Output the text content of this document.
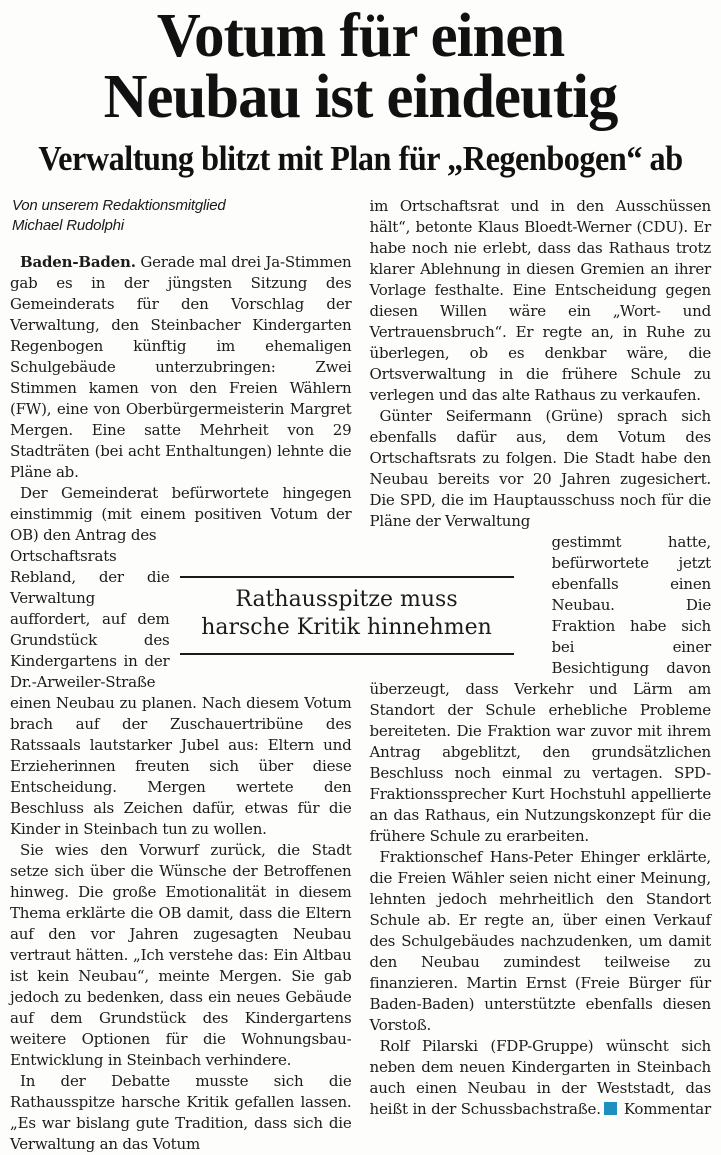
Votum für einen
Neubau ist eindeutig
Verwaltung blitzt mit Plan für „Regenbogen“ ab

Von unserem Redaktionsmitglied
Michael Rudolphi

Baden-Baden. Gerade mal drei Ja-Stimmen gab es in der jüngsten Sitzung des Gemeinderats für den Vorschlag der Verwaltung, den Steinbacher Kindergarten Regenbogen künftig im ehemaligen Schulgebäude unterzubringen: Zwei Stimmen kamen von den Freien Wählern (FW), eine von Oberbürgermeisterin Margret Mergen. Eine satte Mehrheit von 29 Stadträten (bei acht Enthaltungen) lehnte die Pläne ab.

Der Gemeinderat befürwortete hingegen einstimmig (mit einem positiven Votum der OB) den Antrag des

Rathausspitze muss
harsche Kritik hinnehmen
Ortschaftsrats Rebland, der die Verwaltung auffordert, auf dem Grundstück des Kindergartens in der Dr.-Arweiler-Straße einen Neubau zu planen. Nach diesem Votum brach auf der Zuschauertribüne des Ratssaals lautstarker Jubel aus: Eltern und Erzieherinnen freuten sich über diese Entscheidung. Mergen wertete den Beschluss als Zeichen dafür, etwas für die Kinder in Steinbach tun zu wollen.

Sie wies den Vorwurf zurück, die Stadt setze sich über die Wünsche der Betroffenen hinweg. Die große Emotionalität in diesem Thema erklärte die OB damit, dass die Eltern auf den vor Jahren zugesagten Neubau vertraut hätten. „Ich verstehe das: Ein Altbau ist kein Neubau“, meinte Mergen. Sie gab jedoch zu bedenken, dass ein neues Gebäude auf dem Grundstück des Kindergartens weitere Optionen für die Wohnungsbau-Entwicklung in Steinbach verhindere.

In der Debatte musste sich die Rathausspitze harsche Kritik gefallen lassen. „Es war bislang gute Tradition, dass sich die Verwaltung an das Votum

im Ortschaftsrat und in den Ausschüssen hält“, betonte Klaus Bloedt-Werner (CDU). Er habe noch nie erlebt, dass das Rathaus trotz klarer Ablehnung in diesen Gremien an ihrer Vorlage festhalte. Eine Entscheidung gegen diesen Willen wäre ein „Wort- und Vertrauensbruch“. Er regte an, in Ruhe zu überlegen, ob es denkbar wäre, die Ortsverwaltung in die frühere Schule zu verlegen und das alte Rathaus zu verkaufen.

Günter Seifermann (Grüne) sprach sich ebenfalls dafür aus, dem Votum des Ortschaftsrats zu folgen. Die Stadt habe den Neubau bereits vor 20 Jahren zugesichert. Die SPD, die im Hauptausschuss noch für die Pläne der Verwaltung

gestimmt hatte, befürwortete jetzt ebenfalls einen Neubau. Die Fraktion habe sich bei einer Besichtigung davon überzeugt, dass Verkehr und Lärm am Standort der Schule erhebliche Probleme bereiteten. Die Fraktion war zuvor mit ihrem Antrag abgeblitzt, den grundsätzlichen Beschluss noch einmal zu vertagen. SPD-Fraktionssprecher Kurt Hochstuhl appellierte an das Rathaus, ein Nutzungskonzept für die frühere Schule zu erarbeiten.

Fraktionschef Hans-Peter Ehinger erklärte, die Freien Wähler seien nicht einer Meinung, lehnten jedoch mehrheitlich den Standort Schule ab. Er regte an, über einen Verkauf des Schulgebäudes nachzudenken, um damit den Neubau zumindest teilweise zu finanzieren. Martin Ernst (Freie Bürger für Baden-Baden) unterstützte ebenfalls diesen Vorstoß.

Rolf Pilarski (FDP-Gruppe) wünscht sich neben dem neuen Kindergarten in Steinbach auch einen Neubau in der Weststadt, das heißt in der Schussbachstraße.	Kommentar
